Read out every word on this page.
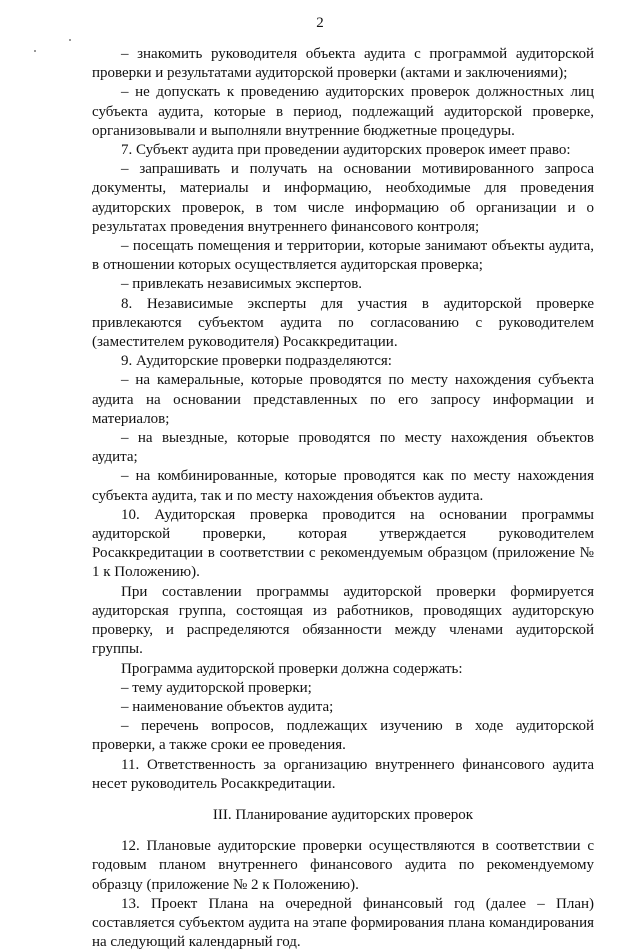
2

– знакомить руководителя объекта аудита с программой аудиторской проверки и результатами аудиторской проверки (актами и заключениями);

– не допускать к проведению аудиторских проверок должностных лиц субъекта аудита, которые в период, подлежащий аудиторской проверке, организовывали и выполняли внутренние бюджетные процедуры.

7. Субъект аудита при проведении аудиторских проверок имеет право:

– запрашивать и получать на основании мотивированного запроса документы, материалы и информацию, необходимые для проведения аудиторских проверок, в том числе информацию об организации и о результатах проведения внутреннего финансового контроля;

– посещать помещения и территории, которые занимают объекты аудита, в отношении которых осуществляется аудиторская проверка;

– привлекать независимых экспертов.

8. Независимые эксперты для участия в аудиторской проверке привлекаются субъектом аудита по согласованию с руководителем (заместителем руководителя) Росаккредитации.

9. Аудиторские проверки подразделяются:

– на камеральные, которые проводятся по месту нахождения субъекта аудита на основании представленных по его запросу информации и материалов;

– на выездные, которые проводятся по месту нахождения объектов аудита;

– на комбинированные, которые проводятся как по месту нахождения субъекта аудита, так и по месту нахождения объектов аудита.

10. Аудиторская проверка проводится на основании программы аудиторской проверки, которая утверждается руководителем Росаккредитации в соответствии с рекомендуемым образцом (приложение № 1 к Положению).

При составлении программы аудиторской проверки формируется аудиторская группа, состоящая из работников, проводящих аудиторскую проверку, и распределяются обязанности между членами аудиторской группы.

Программа аудиторской проверки должна содержать:

– тему аудиторской проверки;

– наименование объектов аудита;

– перечень вопросов, подлежащих изучению в ходе аудиторской проверки, а также сроки ее проведения.

11. Ответственность за организацию внутреннего финансового аудита несет руководитель Росаккредитации.

III. Планирование аудиторских проверок

12. Плановые аудиторские проверки осуществляются в соответствии с годовым планом внутреннего финансового аудита по рекомендуемому образцу (приложение № 2 к Положению).

13. Проект Плана на очередной финансовый год (далее – План) составляется субъектом аудита на этапе формирования плана командирования на следующий календарный год.
